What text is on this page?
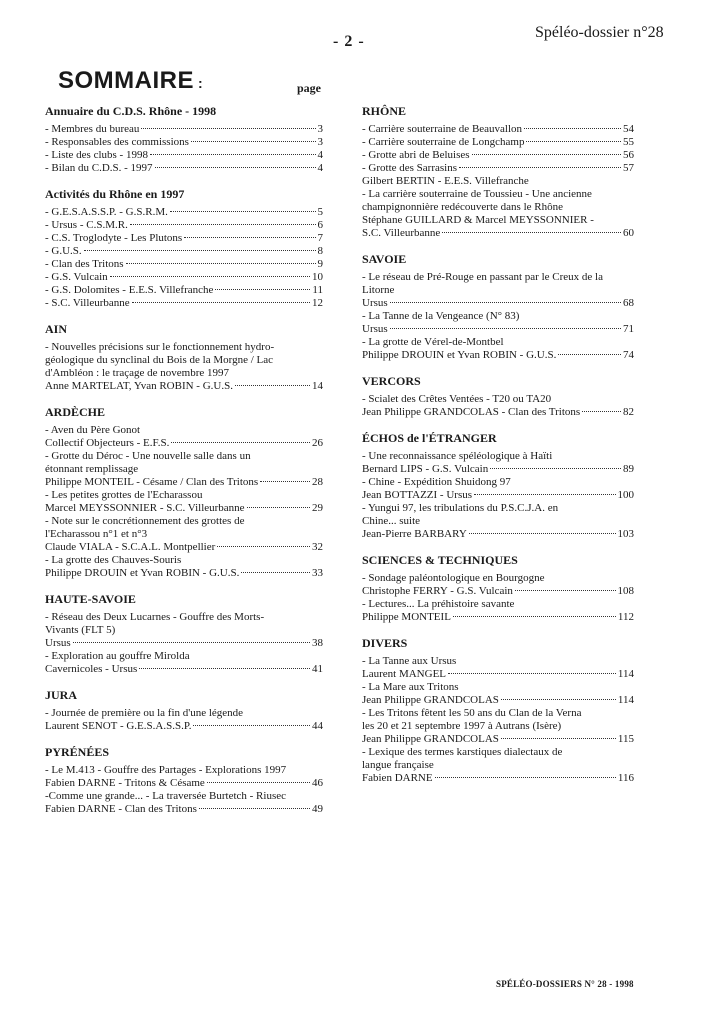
- 2 -
Spéléo-dossier n°28
SOMMAIRE :	page
Annuaire du C.D.S. Rhône - 1998
- Membres du bureau	3
- Responsables des commissions	3
- Liste des clubs - 1998	4
- Bilan du C.D.S. - 1997	4
Activités du Rhône en 1997
- G.E.S.A.S.S.P. - G.S.R.M.	5
- Ursus - C.S.M.R.	6
- C.S. Troglodyte - Les Plutons	7
- G.U.S.	8
- Clan des Tritons	9
- G.S. Vulcain	10
- G.S. Dolomites - E.E.S. Villefranche	11
- S.C. Villeurbanne	12
AIN
- Nouvelles précisions sur le fonctionnement hydro-
géologique du synclinal du Bois de la Morgne / Lac
d'Ambléon : le traçage de novembre 1997
Anne MARTELAT, Yvan ROBIN - G.U.S.	14
ARDÈCHE
- Aven du Père Gonot
Collectif Objecteurs - E.F.S.	26
- Grotte du Déroc - Une nouvelle salle dans un
étonnant remplissage
Philippe MONTEIL - Césame / Clan des Tritons	28
- Les petites grottes de l'Echarassou
Marcel MEYSSONNIER - S.C. Villeurbanne	29
- Note sur le concrétionnement des grottes de
l'Echarassou n°1 et n°3
Claude VIALA - S.C.A.L. Montpellier	32
- La grotte des Chauves-Souris
Philippe DROUIN et Yvan ROBIN - G.U.S.	33
HAUTE-SAVOIE
- Réseau des Deux Lucarnes - Gouffre des Morts-
Vivants (FLT 5)
Ursus	38
- Exploration au gouffre Mirolda
Cavernicoles - Ursus	41
JURA
- Journée de première ou la fin d'une légende
Laurent SENOT - G.E.S.A.S.S.P.	44
PYRÉNÉES
- Le M.413 - Gouffre des Partages - Explorations 1997
Fabien DARNE - Tritons & Césame	46
-Comme une grande... - La traversée Burtetch - Riusec
Fabien DARNE - Clan des Tritons	49
RHÔNE
- Carrière souterraine de Beauvallon	54
- Carrière souterraine de Longchamp	55
- Grotte abri de Beluises	56
- Grotte des Sarrasins	57
Gilbert BERTIN - E.E.S. Villefranche
- La carrière souterraine de Toussieu - Une ancienne
champignonnière redécouverte dans le Rhône
Stéphane GUILLARD & Marcel MEYSSONNIER -
S.C. Villeurbanne	60
SAVOIE
- Le réseau de Pré-Rouge en passant par le Creux de la
Litorne
Ursus	68
- La Tanne de la Vengeance (N° 83)
Ursus	71
- La grotte de Vérel-de-Montbel
Philippe DROUIN et Yvan ROBIN - G.U.S.	74
VERCORS
- Scialet des Crêtes Ventées - T20 ou TA20
Jean Philippe GRANDCOLAS - Clan des Tritons	82
ÉCHOS de l'ÉTRANGER
- Une reconnaissance spéléologique à Haïti
Bernard LIPS - G.S. Vulcain	89
- Chine - Expédition Shuidong 97
Jean BOTTAZZI - Ursus	100
- Yungui 97, les tribulations du P.S.C.J.A. en
Chine... suite
Jean-Pierre BARBARY	103
SCIENCES & TECHNIQUES
- Sondage paléontologique en Bourgogne
Christophe FERRY - G.S. Vulcain	108
- Lectures... La préhistoire savante
Philippe MONTEIL	112
DIVERS
- La Tanne aux Ursus
Laurent MANGEL	114
- La Mare aux Tritons
Jean Philippe GRANDCOLAS	114
- Les Tritons fêtent les 50 ans du Clan de la Verna
les 20 et 21 septembre 1997 à Autrans (Isère)
Jean Philippe GRANDCOLAS	115
- Lexique des termes karstiques dialectaux de
langue française
Fabien DARNE	116
SPÉLÉO-DOSSIERS N° 28 - 1998
